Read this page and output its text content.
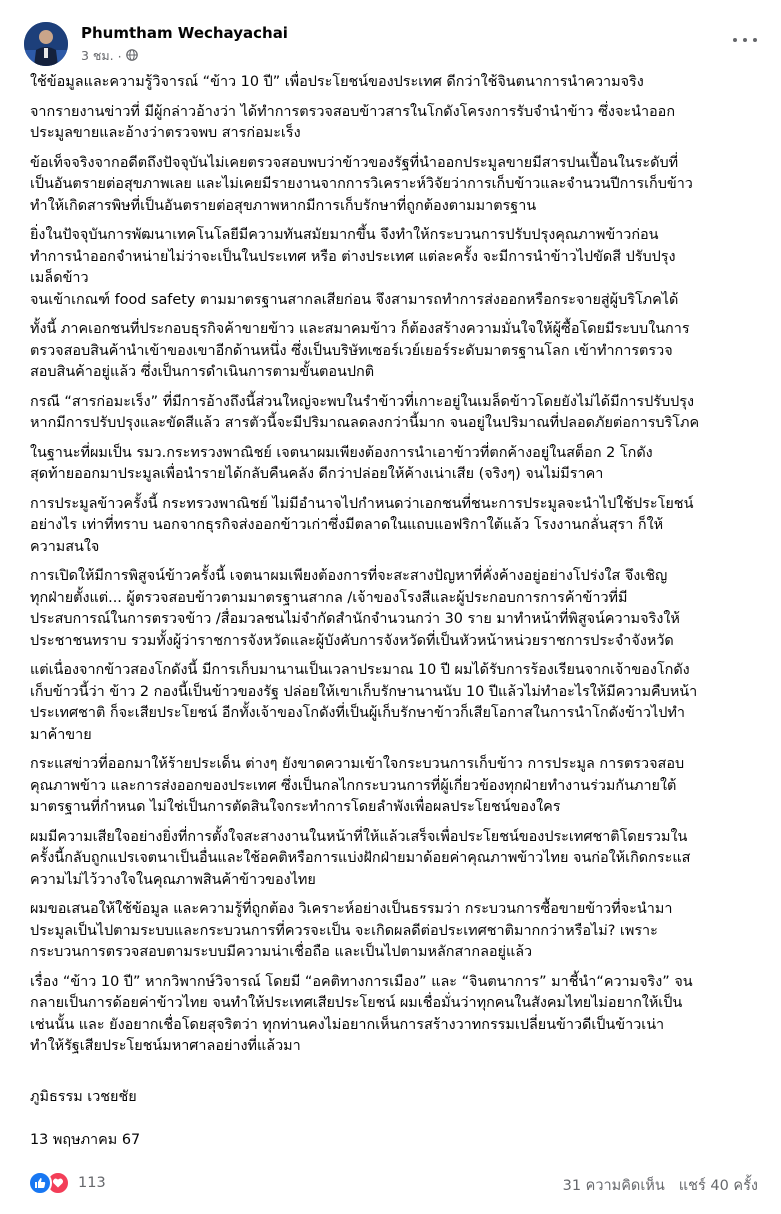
Phumtham Wechayachai
3 ชม. ·

ใช้ข้อมูลและความรู้วิจารณ์ “ข้าว 10 ปี” เพื่อประโยชน์ของประเทศ ดีกว่าใช้จินตนาการนำความจริง

จากรายงานข่าวที่ มีผู้กล่าวอ้างว่า ได้ทำการตรวจสอบข้าวสารในโกดังโครงการรับจำนำข้าว ซึ่งจะนำออก
ประมูลขายและอ้างว่าตรวจพบ สารก่อมะเร็ง

ข้อเท็จจริงจากอดีตถึงปัจจุบันไม่เคยตรวจสอบพบว่าข้าวของรัฐที่นำออกประมูลขายมีสารปนเปื้อนในระดับที่
เป็นอันตรายต่อสุขภาพเลย และไม่เคยมีรายงานจากการวิเคราะห์วิจัยว่าการเก็บข้าวและจำนวนปีการเก็บข้าว
ทำให้เกิดสารพิษที่เป็นอันตรายต่อสุขภาพหากมีการเก็บรักษาที่ถูกต้องตามมาตรฐาน

ยิ่งในปัจจุบันการพัฒนาเทคโนโลยีมีความทันสมัยมากขึ้น จึงทำให้กระบวนการปรับปรุงคุณภาพข้าวก่อน
ทำการนำออกจำหน่ายไม่ว่าจะเป็นในประเทศ หรือ ต่างประเทศ แต่ละครั้ง จะมีการนำข้าวไปขัดสี ปรับปรุง
เมล็ดข้าว
จนเข้าเกณฑ์ food safety ตามมาตรฐานสากลเสียก่อน จึงสามารถทำการส่งออกหรือกระจายสู่ผู้บริโภคได้

ทั้งนี้ ภาคเอกชนที่ประกอบธุรกิจค้าขายข้าว และสมาคมข้าว ก็ต้องสร้างความมั่นใจให้ผู้ซื้อโดยมีระบบในการ
ตรวจสอบสินค้านำเข้าของเขาอีกด้านหนึ่ง ซึ่งเป็นบริษัทเซอร์เวย์เยอร์ระดับมาตรฐานโลก เข้าทำการตรวจ
สอบสินค้าอยู่แล้ว ซึ่งเป็นการดำเนินการตามขั้นตอนปกติ

กรณี “สารก่อมะเร็ง” ที่มีการอ้างถึงนี้ส่วนใหญ่จะพบในรำข้าวที่เกาะอยู่ในเมล็ดข้าวโดยยังไม่ได้มีการปรับปรุง
หากมีการปรับปรุงและขัดสีแล้ว สารตัวนี้จะมีปริมาณลดลงกว่านี้มาก จนอยู่ในปริมาณที่ปลอดภัยต่อการบริโภค

ในฐานะที่ผมเป็น รมว.กระทรวงพาณิชย์ เจตนาผมเพียงต้องการนำเอาข้าวที่ตกค้างอยู่ในสต็อก 2 โกดัง
สุดท้ายออกมาประมูลเพื่อนำรายได้กลับคืนคลัง ดีกว่าปล่อยให้ค้างเน่าเสีย (จริงๆ) จนไม่มีราคา

การประมูลข้าวครั้งนี้ กระทรวงพาณิชย์ ไม่มีอำนาจไปกำหนดว่าเอกชนที่ชนะการประมูลจะนำไปใช้ประโยชน์
อย่างไร เท่าที่ทราบ นอกจากธุรกิจส่งออกข้าวเก่าซึ่งมีตลาดในแถบแอฟริกาใต้แล้ว โรงงานกลั่นสุรา ก็ให้
ความสนใจ

การเปิดให้มีการพิสูจน์ข้าวครั้งนี้ เจตนาผมเพียงต้องการที่จะสะสางปัญหาที่คั่งค้างอยู่อย่างโปร่งใส จึงเชิญ
ทุกฝ่ายตั้งแต่... ผู้ตรวจสอบข้าวตามมาตรฐานสากล /เจ้าของโรงสีและผู้ประกอบการการค้าข้าวที่มี
ประสบการณ์ในการตรวจข้าว /สื่อมวลชนไม่จำกัดสำนักจำนวนกว่า 30 ราย มาทำหน้าที่พิสูจน์ความจริงให้
ประชาชนทราบ รวมทั้งผู้ว่าราชการจังหวัดและผู้บังคับการจังหวัดที่เป็นหัวหน้าหน่วยราชการประจำจังหวัด

แต่เนื่องจากข้าวสองโกดังนี้ มีการเก็บมานานเป็นเวลาประมาณ 10 ปี ผมได้รับการร้องเรียนจากเจ้าของโกดัง
เก็บข้าวนี้ว่า ข้าว 2 กองนี้เป็นข้าวของรัฐ ปล่อยให้เขาเก็บรักษานานนับ 10 ปีแล้วไม่ทำอะไรให้มีความคืบหน้า
ประเทศชาติ ก็จะเสียประโยชน์ อีกทั้งเจ้าของโกดังที่เป็นผู้เก็บรักษาข้าวก็เสียโอกาสในการนำโกดังข้าวไปทำ
มาค้าขาย

กระแสข่าวที่ออกมาให้ร้ายประเด็น ต่างๆ ยังขาดความเข้าใจกระบวนการเก็บข้าว การประมูล การตรวจสอบ
คุณภาพข้าว และการส่งออกของประเทศ ซึ่งเป็นกลไกกระบวนการที่ผู้เกี่ยวข้องทุกฝ่ายทำงานร่วมกันภายใต้
มาตรฐานที่กำหนด ไม่ใช่เป็นการตัดสินใจกระทำการโดยลำพังเพื่อผลประโยชน์ของใคร

ผมมีความเสียใจอย่างยิ่งที่การตั้งใจสะสางงานในหน้าที่ให้แล้วเสร็จเพื่อประโยชน์ของประเทศชาติโดยรวมใน
ครั้งนี้กลับถูกแปรเจตนาเป็นอื่นและใช้อคติหรือการแบ่งฝักฝ่ายมาด้อยค่าคุณภาพข้าวไทย จนก่อให้เกิดกระแส
ความไม่ไว้วางใจในคุณภาพสินค้าข้าวของไทย

ผมขอเสนอให้ใช้ข้อมูล และความรู้ที่ถูกต้อง วิเคราะห์อย่างเป็นธรรมว่า กระบวนการซื้อขายข้าวที่จะนำมา
ประมูลเป็นไปตามระบบและกระบวนการที่ควรจะเป็น จะเกิดผลดีต่อประเทศชาติมากกว่าหรือไม่? เพราะ
กระบวนการตรวจสอบตามระบบมีความน่าเชื่อถือ และเป็นไปตามหลักสากลอยู่แล้ว

เรื่อง “ข้าว 10 ปี” หากวิพากษ์วิจารณ์ โดยมี “อคติทางการเมือง” และ “จินตนาการ” มาชี้นำ“ความจริง” จน
กลายเป็นการด้อยค่าข้าวไทย จนทำให้ประเทศเสียประโยชน์ ผมเชื่อมั่นว่าทุกคนในสังคมไทยไม่อยากให้เป็น
เช่นนั้น และ ยังอยากเชื่อโดยสุจริตว่า ทุกท่านคงไม่อยากเห็นการสร้างวาทกรรมเปลี่ยนข้าวดีเป็นข้าวเน่า
ทำให้รัฐเสียประโยชน์มหาศาลอย่างที่แล้วมา

ภูมิธรรม เวชยชัย

13 พฤษภาคม 67

113	31 ความคิดเห็น แชร์ 40 ครั้ง
